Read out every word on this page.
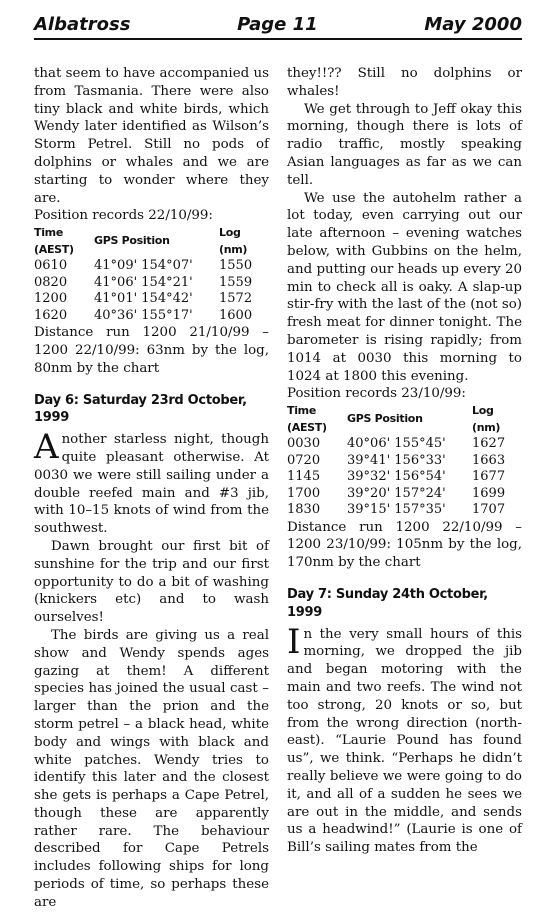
Albatross	Page 11	May 2000

that seem to have accompanied us from Tasmania. There were also tiny black and white birds, which Wendy later identified as Wilson’s Storm Petrel. Still no pods of dolphins or whales and we are starting to wonder where they are.

Position records 22/10/99:

Time (AEST)	GPS Position	Log (nm)
0610	41°09' 154°07'	1550
0820	41°06' 154°21'	1559
1200	41°01' 154°42'	1572
1620	40°36' 155°17'	1600

Distance run 1200 21/10/99 – 1200 22/10/99: 63nm by the log, 80nm by the chart

Day 6: Saturday 23rd October, 1999

Another starless night, though quite pleasant otherwise. At 0030 we were still sailing under a double reefed main and #3 jib, with 10–15 knots of wind from the southwest.

Dawn brought our first bit of sunshine for the trip and our first opportunity to do a bit of washing (knickers etc) and to wash ourselves!

The birds are giving us a real show and Wendy spends ages gazing at them! A different species has joined the usual cast – larger than the prion and the storm petrel – a black head, white body and wings with black and white patches. Wendy tries to identify this later and the closest she gets is perhaps a Cape Petrel, though these are apparently rather rare. The behaviour described for Cape Petrels includes following ships for long periods of time, so perhaps these are

they!!?? Still no dolphins or whales!

We get through to Jeff okay this morning, though there is lots of radio traffic, mostly speaking Asian languages as far as we can tell.

We use the autohelm rather a lot today, even carrying out our late afternoon – evening watches below, with Gubbins on the helm, and putting our heads up every 20 min to check all is oaky. A slap-up stir-fry with the last of the (not so) fresh meat for dinner tonight. The barometer is rising rapidly; from 1014 at 0030 this morning to 1024 at 1800 this evening.

Position records 23/10/99:

Time (AEST)	GPS Position	Log (nm)
0030	40°06' 155°45'	1627
0720	39°41' 156°33'	1663
1145	39°32' 156°54'	1677
1700	39°20' 157°24'	1699
1830	39°15' 157°35'	1707

Distance run 1200 22/10/99 – 1200 23/10/99: 105nm by the log, 170nm by the chart

Day 7: Sunday 24th October, 1999

In the very small hours of this morning, we dropped the jib and began motoring with the main and two reefs. The wind not too strong, 20 knots or so, but from the wrong direction (north-east). “Laurie Pound has found us”, we think. “Perhaps he didn’t really believe we were going to do it, and all of a sudden he sees we are out in the middle, and sends us a headwind!” (Laurie is one of Bill’s sailing mates from the
